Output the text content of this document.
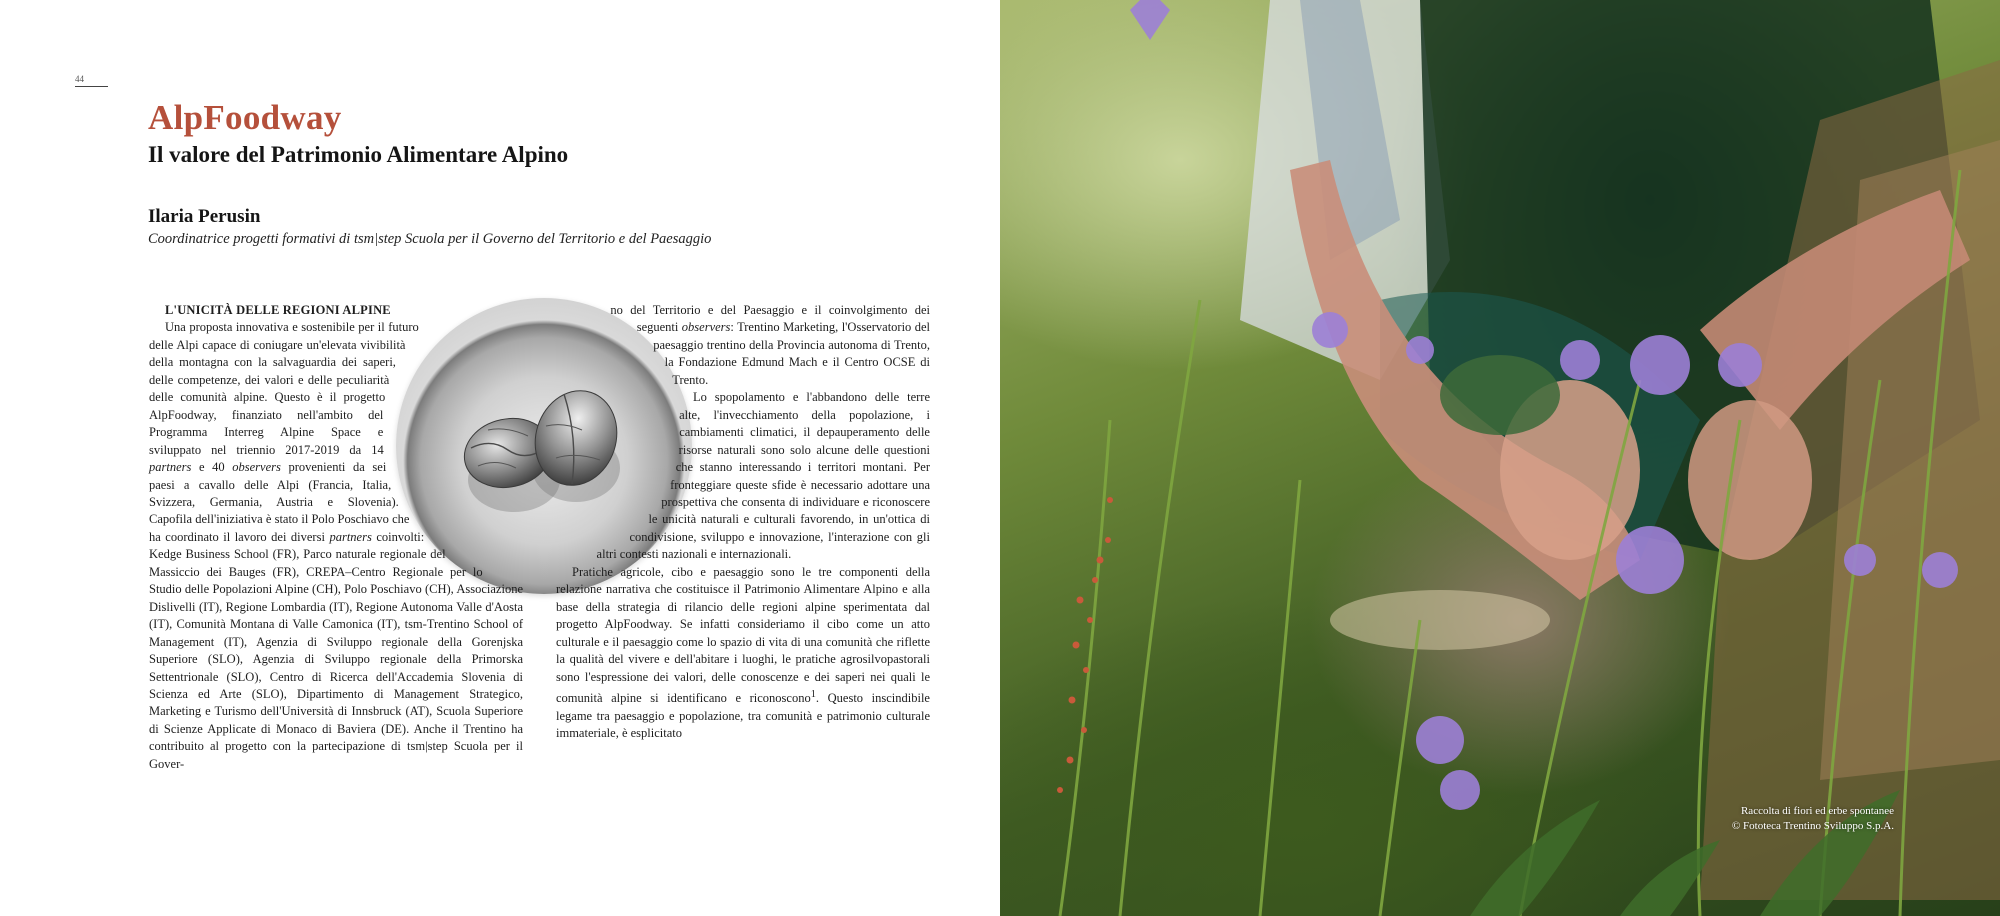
44
AlpFoodway
Il valore del Patrimonio Alimentare Alpino
Ilaria Perusin
Coordinatrice progetti formativi di tsm|step Scuola per il Governo del Territorio e del Paesaggio
L'UNICITÀ DELLE REGIONI ALPINE

Una proposta innovativa e sostenibile per il futuro delle Alpi capace di coniugare un'elevata vivibilità della montagna con la salvaguardia dei saperi, delle competenze, dei valori e delle peculiarità delle comunità alpine. Questo è il progetto AlpFoodway, finanziato nell'ambito del Programma Interreg Alpine Space e sviluppato nel triennio 2017-2019 da 14 partners e 40 observers provenienti da sei paesi a cavallo delle Alpi (Francia, Italia, Svizzera, Germania, Austria e Slovenia). Capofila dell'iniziativa è stato il Polo Poschiavo che ha coordinato il lavoro dei diversi partners coinvolti: Kedge Business School (FR), Parco naturale regionale del Massiccio dei Bauges (FR), CREPA–Centro Regionale per lo Studio delle Popolazioni Alpine (CH), Polo Poschiavo (CH), Associazione Dislivelli (IT), Regione Lombardia (IT), Regione Autonoma Valle d'Aosta (IT), Comunità Montana di Valle Camonica (IT), tsm-Trentino School of Management (IT), Agenzia di Sviluppo regionale della Gorenjska Superiore (SLO), Agenzia di Sviluppo regionale della Primorska Settentrionale (SLO), Centro di Ricerca dell'Accademia Slovenia di Scienza ed Arte (SLO), Dipartimento di Management Strategico, Marketing e Turismo dell'Università di Innsbruck (AT), Scuola Superiore di Scienze Applicate di Monaco di Baviera (DE). Anche il Trentino ha contribuito al progetto con la partecipazione di tsm|step Scuola per il Gover-

no del Territorio e del Paesaggio e il coinvolgimento dei seguenti observers: Trentino Marketing, l'Osservatorio del paesaggio trentino della Provincia autonoma di Trento, la Fondazione Edmund Mach e il Centro OCSE di Trento.

Lo spopolamento e l'abbandono delle terre alte, l'invecchiamento della popolazione, i cambiamenti climatici, il depauperamento delle risorse naturali sono solo alcune delle questioni che stanno interessando i territori montani. Per fronteggiare queste sfide è necessario adottare una prospettiva che consenta di individuare e riconoscere le unicità naturali e culturali favorendo, in un'ottica di condivisione, sviluppo e innovazione, l'interazione con gli altri contesti nazionali e internazionali.

Pratiche agricole, cibo e paesaggio sono le tre componenti della relazione narrativa che costituisce il Patrimonio Alimentare Alpino e alla base della strategia di rilancio delle regioni alpine sperimentata dal progetto AlpFoodway. Se infatti consideriamo il cibo come un atto culturale e il paesaggio come lo spazio di vita di una comunità che riflette la qualità del vivere e dell'abitare i luoghi, le pratiche agrosilvopastorali sono l'espressione dei valori, delle conoscenze e dei saperi nei quali le comunità alpine si identificano e riconoscono$^1$. Questo inscindibile legame tra paesaggio e popolazione, tra comunità e patrimonio culturale immateriale, è esplicitato

Raccolta di fiori ed erbe spontanee
© Fototeca Trentino Sviluppo S.p.A.
